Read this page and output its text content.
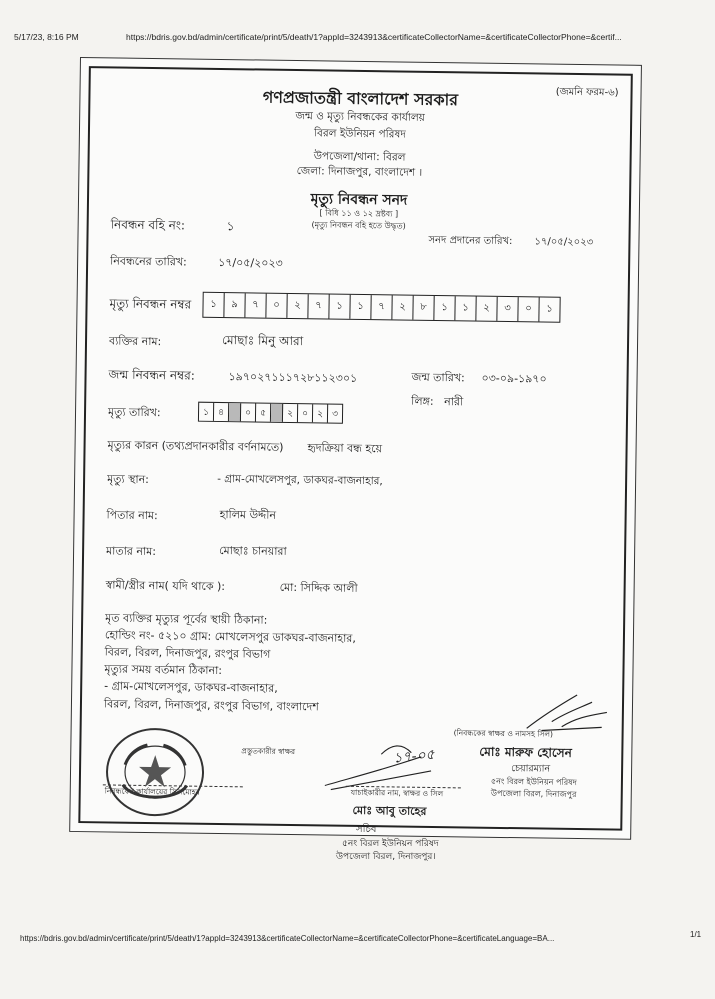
5/17/23, 8:16 PM	https://bdris.gov.bd/admin/certificate/print/5/death/1?appId=3243913&certificateCollectorName=&certificateCollectorPhone=&certif...
(জমনি ফরম-৬)
গণপ্রজাতন্ত্রী বাংলাদেশ সরকার
জন্ম ও মৃত্যু নিবন্ধকের কার্যালয়
বিরল ইউনিয়ন পরিষদ
উপজেলা/থানা: বিরল
জেলা: দিনাজপুর, বাংলাদেশ ।
মৃত্যু নিবন্ধন সনদ
[ বিধি ১১ ও ১২ দ্রষ্টব্য ]
(মৃত্যু নিবন্ধন বহি হতে উদ্ধৃত)
নিবন্ধন বহি নং:	১
সনদ প্রদানের তারিখ: ১৭/০৫/২০২৩
নিবন্ধনের তারিখ:	১৭/০৫/২০২৩
মৃত্যু নিবন্ধন নম্বর	১	৯	৭	০	২	৭	১	১	৭	২	৮	১	১	২	৩	০	১
ব্যক্তির নাম:	মোছাঃ মিনু আরা
জন্ম নিবন্ধন নম্বর:	১৯৭০২৭১১১৭২৮১১২৩০১	জন্ম তারিখ: ০৩-০৯-১৯৭০
লিঙ্গ: নারী
মৃত্যু তারিখ:	১	৪	০	৫	২	০	২	৩
মৃত্যুর কারন (তথ্যপ্রদানকারীর বর্ণনামতে) হৃদক্রিয়া বন্ধ হয়ে
মৃত্যু স্থান:	- গ্রাম-মোখলেসপুর, ডাকঘর-বাজনাহার,
পিতার নাম:	হালিম উদ্দীন
মাতার নাম:	মোছাঃ চানয়ারা
স্বামী/স্ত্রীর নাম( যদি থাকে ):	মো: সিদ্দিক আলী
মৃত ব্যক্তির মৃত্যুর পূর্বের স্থায়ী ঠিকানা:
হোল্ডিং নং- ৫২১০ গ্রাম: মোখলেসপুর ডাকঘর-বাজনাহার,
বিরল, বিরল, দিনাজপুর, রংপুর বিভাগ
মৃত্যুর সময় বর্তমান ঠিকানা:
- গ্রাম-মোখলেসপুর, ডাকঘর-বাজনাহার,
বিরল, বিরল, দিনাজপুর, রংপুর বিভাগ, বাংলাদেশ
(নিবন্ধকের স্বাক্ষর ও নামসহ সিল)
মোঃ মারুফ হোসেন
চেয়ারম্যান
৫নং বিরল ইউনিয়ন পরিষদ
উপজেলা বিরল, দিনাজপুর
প্রস্তুতকারীর স্বাক্ষর	১৭-০৫
যাচাইকারীর নাম, স্বাক্ষর ও সিল
মোঃ আবু তাহের
নিবন্ধকের কার্যালয়ের সিলমোহর
সচিব
৫নং বিরল ইউনিয়ন পরিষদ
উপজেলা বিরল, দিনাজপুর।
https://bdris.gov.bd/admin/certificate/print/5/death/1?appId=3243913&certificateCollectorName=&certificateCollectorPhone=&certificateLanguage=BA...	1/1
